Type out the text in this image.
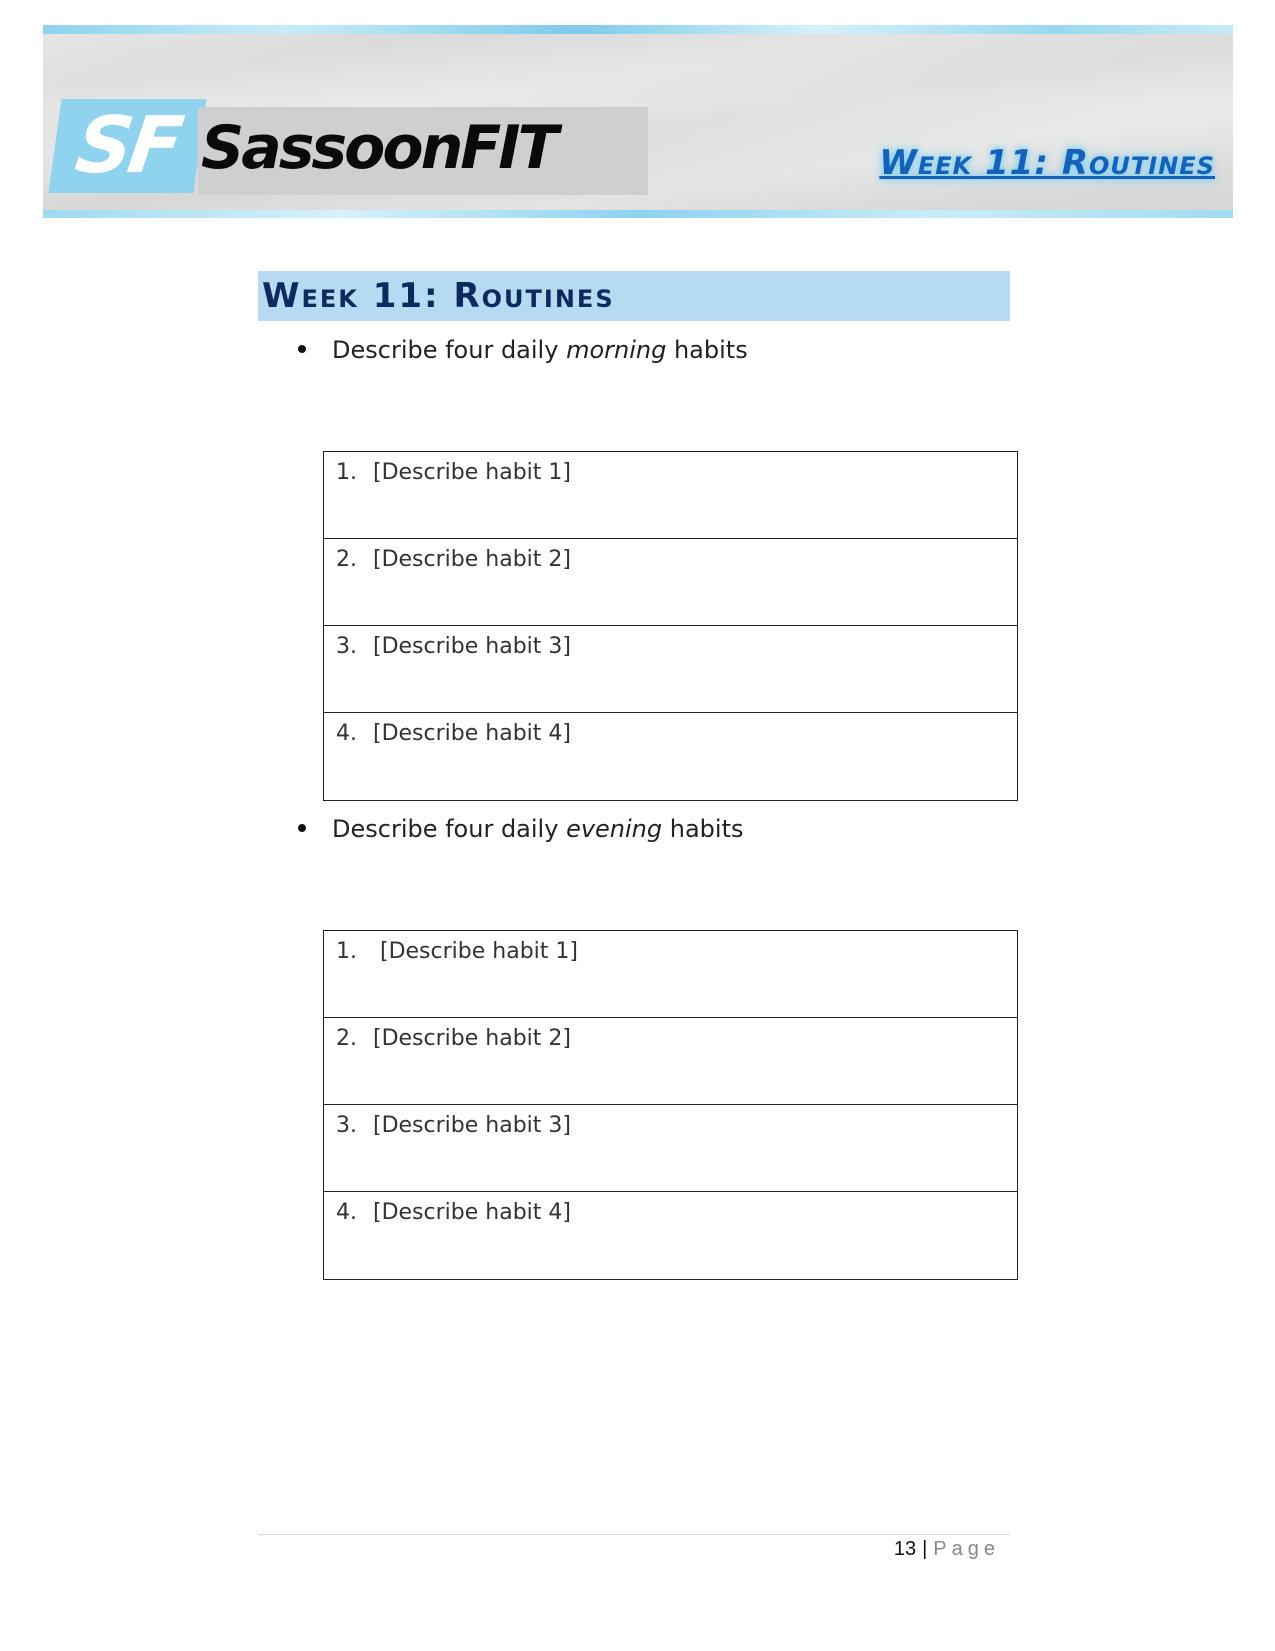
SF SassoonFIT	Week 11: Routines
Week 11: Routines
Describe four daily morning habits
1. [Describe habit 1]
2. [Describe habit 2]
3. [Describe habit 3]
4. [Describe habit 4]
Describe four daily evening habits
1. [Describe habit 1]
2. [Describe habit 2]
3. [Describe habit 3]
4. [Describe habit 4]
13 | Page
